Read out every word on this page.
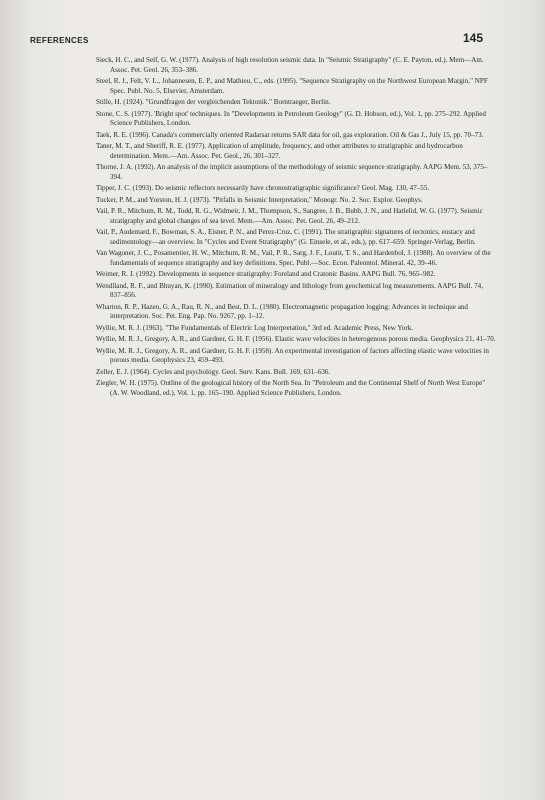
REFERENCES	145
Sieck, H. C., and Self, G. W. (1977). Analysis of high resolution seismic data. In "Seismic Stratigraphy" (C. E. Payton, ed.). Mem—Am. Assoc. Pet. Geol. 26, 353–386.
Steel, R. J., Felt, V. L., Johannesen, E. P., and Mathieu, C., eds. (1995). "Sequence Stratigraphy on the Northwest European Margin," NPF Spec. Publ. No. 5, Elsevier, Amsterdam.
Stille, H. (1924). "Grundfragen der vergleichenden Tektonik." Borntraeger, Berlin.
Stone, C. S. (1977). 'Bright spot' techniques. In "Developments in Petroleum Geology" (G. D. Hobson, ed.), Vol. 1, pp. 275–292. Applied Science Publishers, London.
Taek, R. E. (1996). Canada's commercially oriented Radarsat returns SAR data for oil, gas exploration. Oil & Gas J., July 15, pp. 70–73.
Taner, M. T., and Sheriff, R. E. (1977). Application of amplitude, frequency, and other attributes to stratigraphic and hydrocarbon determination. Mem.—Am. Assoc. Pet. Geol., 26, 301–327.
Thorne, J. A. (1992). An analysis of the implicit assumptions of the methodology of seismic sequence stratigraphy. AAPG Mem. 53, 375–394.
Tipper, J. C. (1993). Do seismic reflectors necessarily have chronostratigraphic significance? Geol. Mag. 130, 47–55.
Tucker, P. M., and Yorston, H. J. (1973). "Pitfalls in Seismic Interpretation," Monogr. No. 2. Soc. Explor. Geophys.
Vail, P. R., Mitchum, R. M., Todd, R. G., Widmeir, J. M., Thompson, S., Sangree, J. B., Bubb, J. N., and Hatlelid, W. G. (1977). Seismic stratigraphy and global changes of sea level. Mem.—Am. Assoc. Pet. Geol. 26, 49–212.
Vail, P., Audemard, F., Bowman, S. A., Eisner, P. N., and Perez-Cruz, C. (1991). The stratigraphic signatures of tectonics, eustacy and sedimentology—an overview. In "Cycles and Event Stratigraphy" (G. Einsele, et al., eds.), pp. 617–659. Springer-Verlag, Berlin.
Van Wagoner, J. C., Posamentier, H. W., Mitchum, R. M., Vail, P. R., Sarg, J. F., Loutit, T. S., and Hardenbol, J. (1988). An overview of the fundamentals of sequence stratigraphy and key definitions. Spec. Publ.—Soc. Econ. Paleontol. Mineral. 42, 39–46.
Weimer, R. J. (1992). Developments in sequence stratigraphy: Foreland and Cratonic Basins. AAPG Bull. 76, 965–982.
Wendlland, R. F., and Bhuyan, K. (1990). Estimation of mineralogy and lithology from geochemical log measurements. AAPG Bull. 74, 837–856.
Wharton, R. P., Hazen, G. A., Rau, R. N., and Best, D. L. (1980). Electromagnetic propagation logging: Advances in technique and interpretation. Soc. Pet. Eng. Pap. No. 9267, pp. 1–12.
Wyllie, M. R. J. (1963). "The Fundamentals of Electric Log Interpretation," 3rd ed. Academic Press, New York.
Wyllie, M. R. J., Gregory, A. R., and Gardner, G. H. F. (1956). Elastic wave velocities in heterogenous porous media. Geophysics 21, 41–70.
Wyllie, M. R. J., Gregory, A. R., and Gardner, G. H. F. (1958). An experimental investigation of factors affecting elastic wave velocities in porous media. Geophysics 23, 459–493.
Zeller, E. J. (1964). Cycles and psychology. Geol. Surv. Kans. Bull. 169, 631–636.
Ziegler, W. H. (1975). Outline of the geological history of the North Sea. In "Petroleum and the Continental Shelf of North West Europe" (A. W. Woodland, ed.), Vol. 1, pp. 165–190. Applied Science Publishers, London.
